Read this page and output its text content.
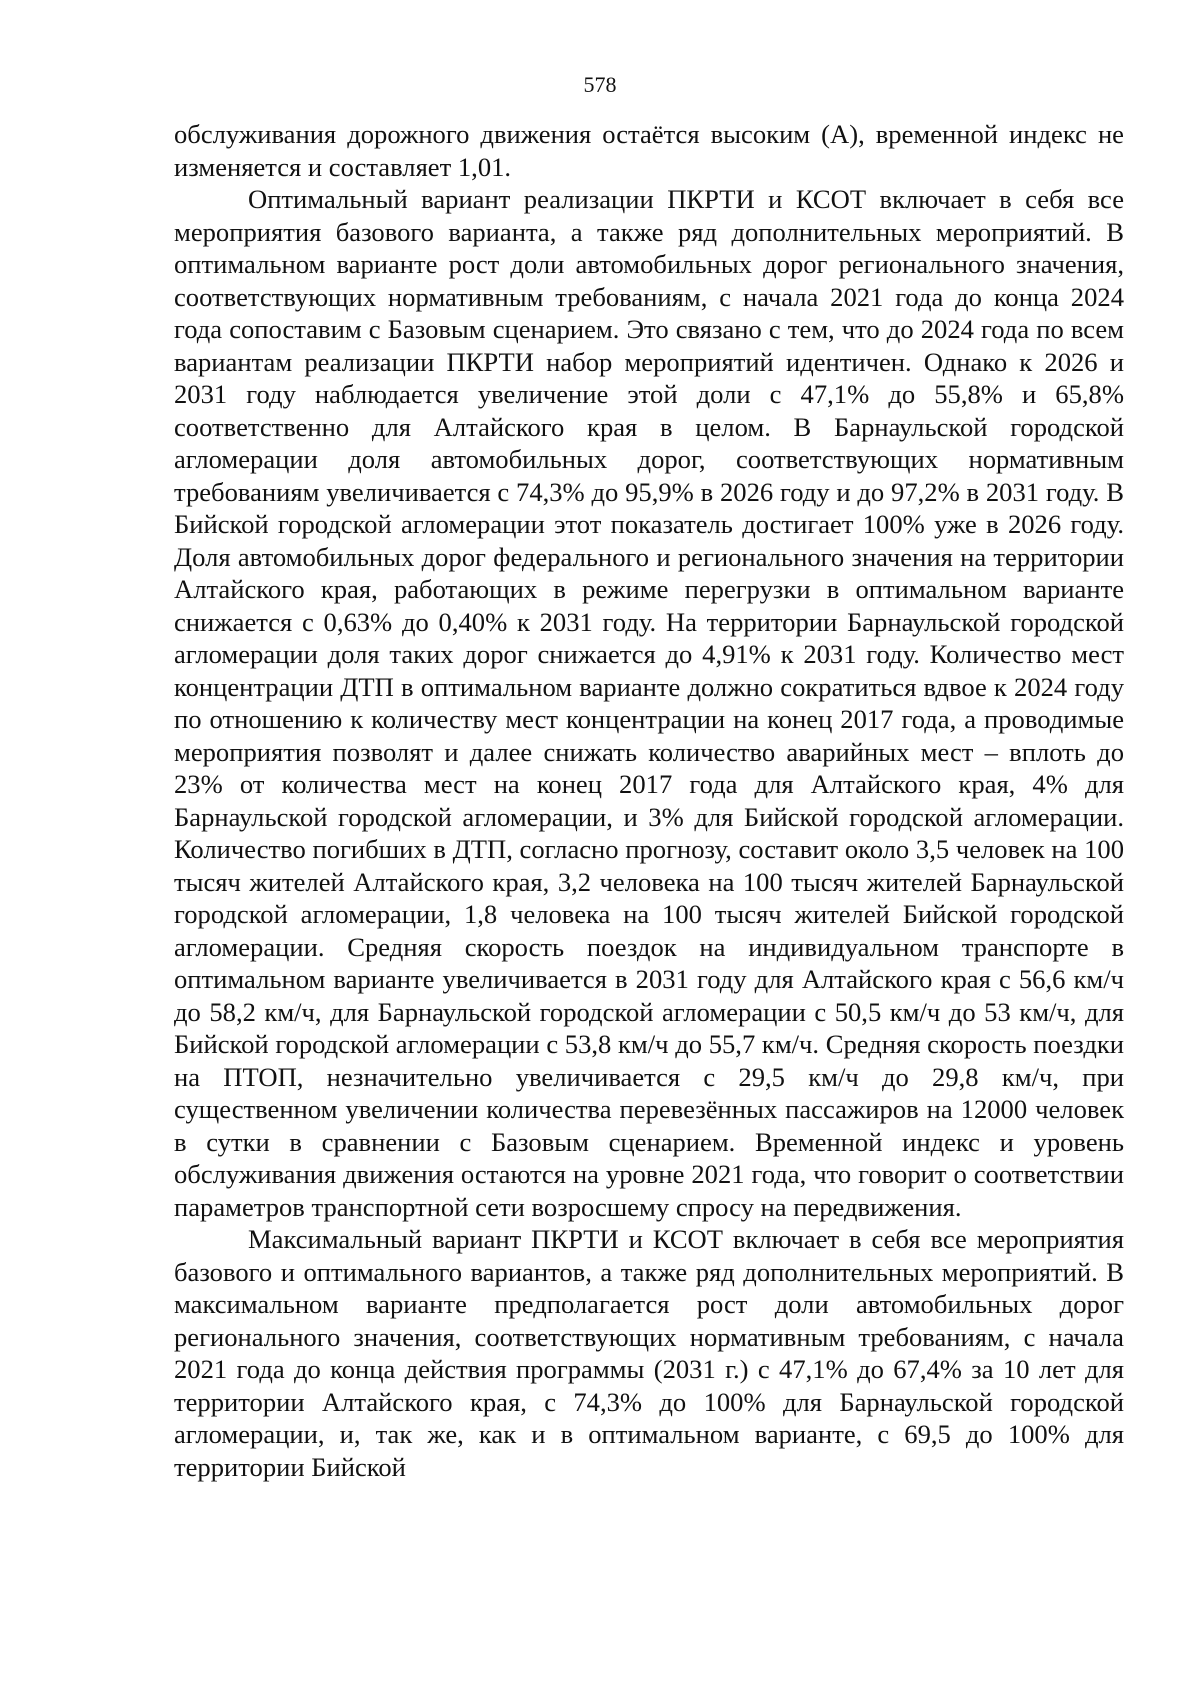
578

обслуживания дорожного движения остаётся высоким (А), временной индекс не изменяется и составляет 1,01.

Оптимальный вариант реализации ПКРТИ и КСОТ включает в себя все мероприятия базового варианта, а также ряд дополнительных мероприятий. В оптимальном варианте рост доли автомобильных дорог регионального значения, соответствующих нормативным требованиям, с начала 2021 года до конца 2024 года сопоставим с Базовым сценарием. Это связано с тем, что до 2024 года по всем вариантам реализации ПКРТИ набор мероприятий идентичен. Однако к 2026 и 2031 году наблюдается увеличение этой доли с 47,1% до 55,8% и 65,8% соответственно для Алтайского края в целом. В Барнаульской городской агломерации доля автомобильных дорог, соответствующих нормативным требованиям увеличивается с 74,3% до 95,9% в 2026 году и до 97,2% в 2031 году. В Бийской городской агломерации этот показатель достигает 100% уже в 2026 году. Доля автомобильных дорог федерального и регионального значения на территории Алтайского края, работающих в режиме перегрузки в оптимальном варианте снижается с 0,63% до 0,40% к 2031 году. На территории Барнаульской городской агломерации доля таких дорог снижается до 4,91% к 2031 году. Количество мест концентрации ДТП в оптимальном варианте должно сократиться вдвое к 2024 году по отношению к количеству мест концентрации на конец 2017 года, а проводимые мероприятия позволят и далее снижать количество аварийных мест – вплоть до 23% от количества мест на конец 2017 года для Алтайского края, 4% для Барнаульской городской агломерации, и 3% для Бийской городской агломерации. Количество погибших в ДТП, согласно прогнозу, составит около 3,5 человек на 100 тысяч жителей Алтайского края, 3,2 человека на 100 тысяч жителей Барнаульской городской агломерации, 1,8 человека на 100 тысяч жителей Бийской городской агломерации. Средняя скорость поездок на индивидуальном транспорте в оптимальном варианте увеличивается в 2031 году для Алтайского края с 56,6 км/ч до 58,2 км/ч, для Барнаульской городской агломерации с 50,5 км/ч до 53 км/ч, для Бийской городской агломерации с 53,8 км/ч до 55,7 км/ч. Средняя скорость поездки на ПТОП, незначительно увеличивается с 29,5 км/ч до 29,8 км/ч, при существенном увеличении количества перевезённых пассажиров на 12000 человек в сутки в сравнении с Базовым сценарием. Временной индекс и уровень обслуживания движения остаются на уровне 2021 года, что говорит о соответствии параметров транспортной сети возросшему спросу на передвижения.

Максимальный вариант ПКРТИ и КСОТ включает в себя все мероприятия базового и оптимального вариантов, а также ряд дополнительных мероприятий. В максимальном варианте предполагается рост доли автомобильных дорог регионального значения, соответствующих нормативным требованиям, с начала 2021 года до конца действия программы (2031 г.) с 47,1% до 67,4% за 10 лет для территории Алтайского края, с 74,3% до 100% для Барнаульской городской агломерации, и, так же, как и в оптимальном варианте, с 69,5 до 100% для территории Бийской
